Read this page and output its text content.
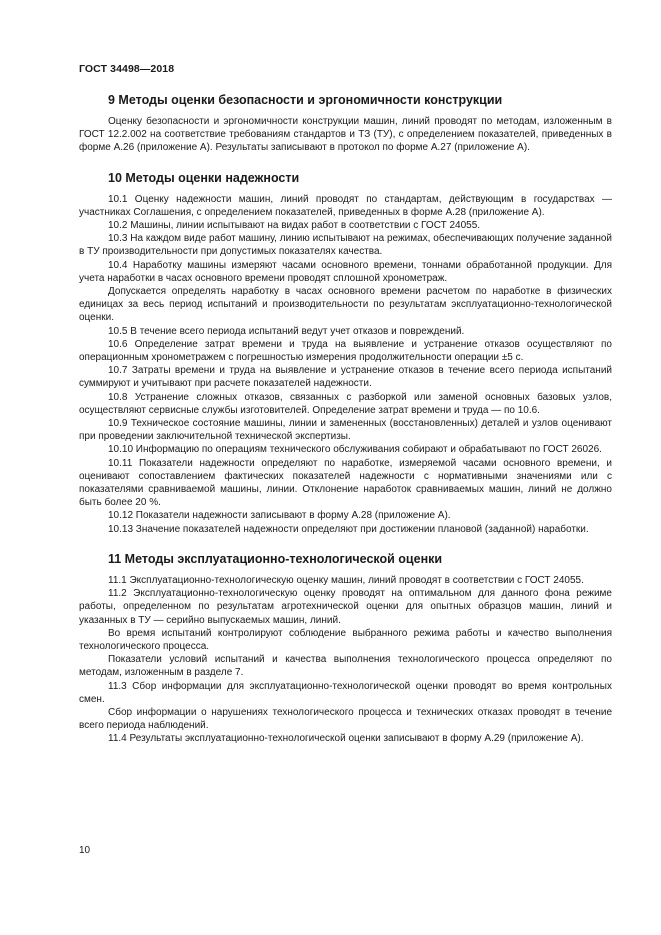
ГОСТ 34498—2018
9 Методы оценки безопасности и эргономичности конструкции

Оценку безопасности и эргономичности конструкции машин, линий проводят по методам, изложенным в ГОСТ 12.2.002 на соответствие требованиям стандартов и ТЗ (ТУ), с определением показателей, приведенных в форме А.26 (приложение А). Результаты записывают в протокол по форме А.27 (приложение А).

10 Методы оценки надежности

10.1 Оценку надежности машин, линий проводят по стандартам, действующим в государствах — участниках Соглашения, с определением показателей, приведенных в форме А.28 (приложение А).

10.2 Машины, линии испытывают на видах работ в соответствии с ГОСТ 24055.

10.3 На каждом виде работ машину, линию испытывают на режимах, обеспечивающих получение заданной в ТУ производительности при допустимых показателях качества.

10.4 Наработку машины измеряют часами основного времени, тоннами обработанной продукции. Для учета наработки в часах основного времени проводят сплошной хронометраж.

Допускается определять наработку в часах основного времени расчетом по наработке в физических единицах за весь период испытаний и производительности по результатам эксплуатационно-технологической оценки.

10.5 В течение всего периода испытаний ведут учет отказов и повреждений.

10.6 Определение затрат времени и труда на выявление и устранение отказов осуществляют по операционным хронометражем с погрешностью измерения продолжительности операции ±5 с.

10.7 Затраты времени и труда на выявление и устранение отказов в течение всего периода испытаний суммируют и учитывают при расчете показателей надежности.

10.8 Устранение сложных отказов, связанных с разборкой или заменой основных базовых узлов, осуществляют сервисные службы изготовителей. Определение затрат времени и труда — по 10.6.

10.9 Техническое состояние машины, линии и замененных (восстановленных) деталей и узлов оценивают при проведении заключительной технической экспертизы.

10.10 Информацию по операциям технического обслуживания собирают и обрабатывают по ГОСТ 26026.

10.11 Показатели надежности определяют по наработке, измеряемой часами основного времени, и оценивают сопоставлением фактических показателей надежности с нормативными значениями или с показателями сравниваемой машины, линии. Отклонение наработок сравниваемых машин, линий не должно быть более 20 %.

10.12 Показатели надежности записывают в форму А.28 (приложение А).

10.13 Значение показателей надежности определяют при достижении плановой (заданной) наработки.

11 Методы эксплуатационно-технологической оценки

11.1 Эксплуатационно-технологическую оценку машин, линий проводят в соответствии с ГОСТ 24055.

11.2 Эксплуатационно-технологическую оценку проводят на оптимальном для данного фона режиме работы, определенном по результатам агротехнической оценки для опытных образцов машин, линий и указанных в ТУ — серийно выпускаемых машин, линий.

Во время испытаний контролируют соблюдение выбранного режима работы и качество выполнения технологического процесса.

Показатели условий испытаний и качества выполнения технологического процесса определяют по методам, изложенным в разделе 7.

11.3 Сбор информации для эксплуатационно-технологической оценки проводят во время контрольных смен.

Сбор информации о нарушениях технологического процесса и технических отказах проводят в течение всего периода наблюдений.

11.4 Результаты эксплуатационно-технологической оценки записывают в форму А.29 (приложение А).

10
